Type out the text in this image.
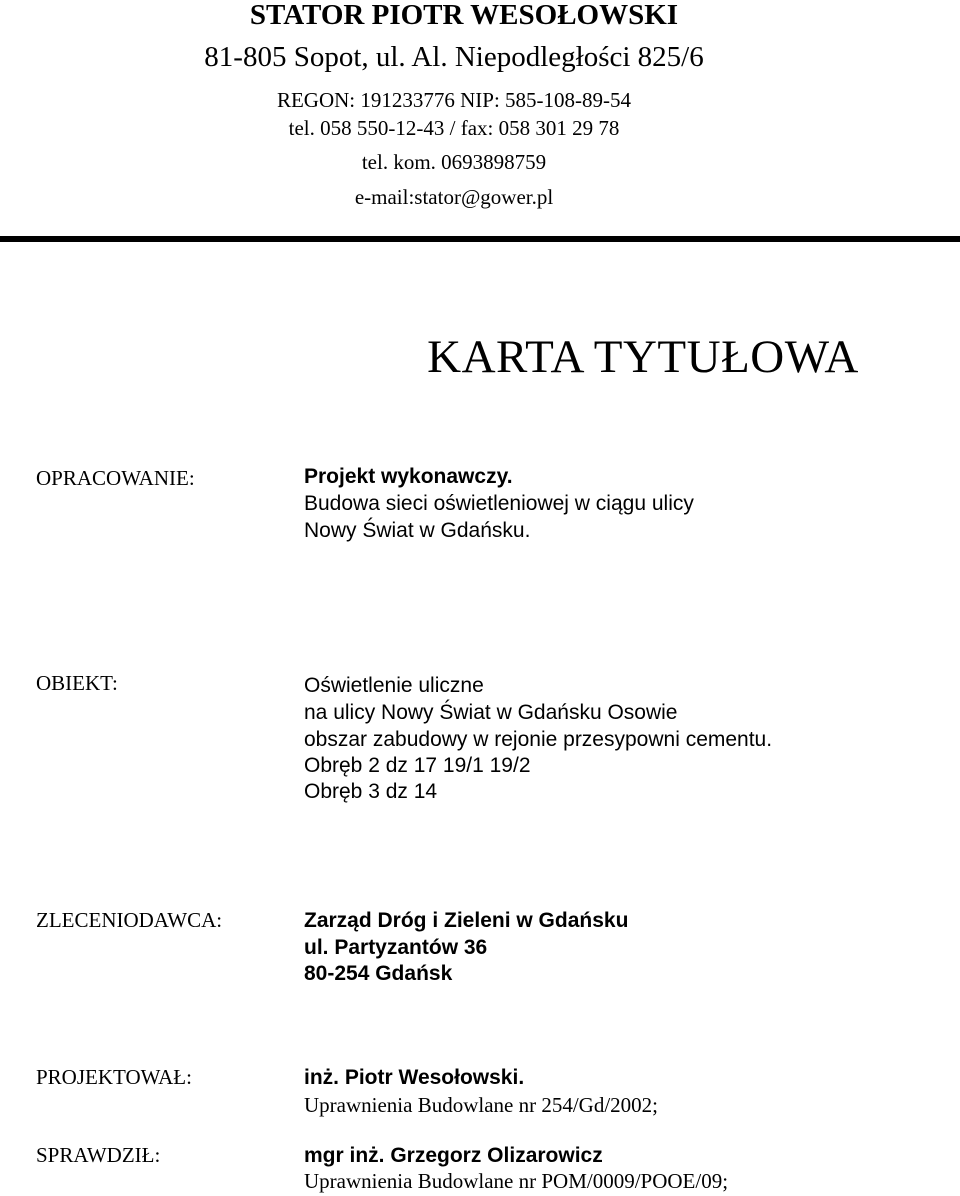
STATOR PIOTR WESOŁOWSKI
81-805 Sopot, ul. Al. Niepodległości 825/6
REGON: 191233776 NIP: 585-108-89-54
tel. 058 550-12-43 / fax: 058 301 29 78
tel. kom. 0693898759
e-mail:stator@gower.pl
KARTA TYTUŁOWA
OPRACOWANIE:	Projekt wykonawczy.
Budowa sieci oświetleniowej w ciągu ulicy
Nowy Świat w Gdańsku.
OBIEKT:	Oświetlenie uliczne
na ulicy Nowy Świat w Gdańsku Osowie
obszar zabudowy w rejonie przesypowni cementu.
Obręb 2 dz 17 19/1 19/2
Obręb 3 dz 14
ZLECENIODAWCA:	Zarząd Dróg i Zieleni w Gdańsku
ul. Partyzantów 36
80-254 Gdańsk
PROJEKTOWAŁ:	inż. Piotr Wesołowski.
Uprawnienia Budowlane nr 254/Gd/2002;
SPRAWDZIŁ:	mgr inż. Grzegorz Olizarowicz
Uprawnienia Budowlane nr POM/0009/POOE/09;
